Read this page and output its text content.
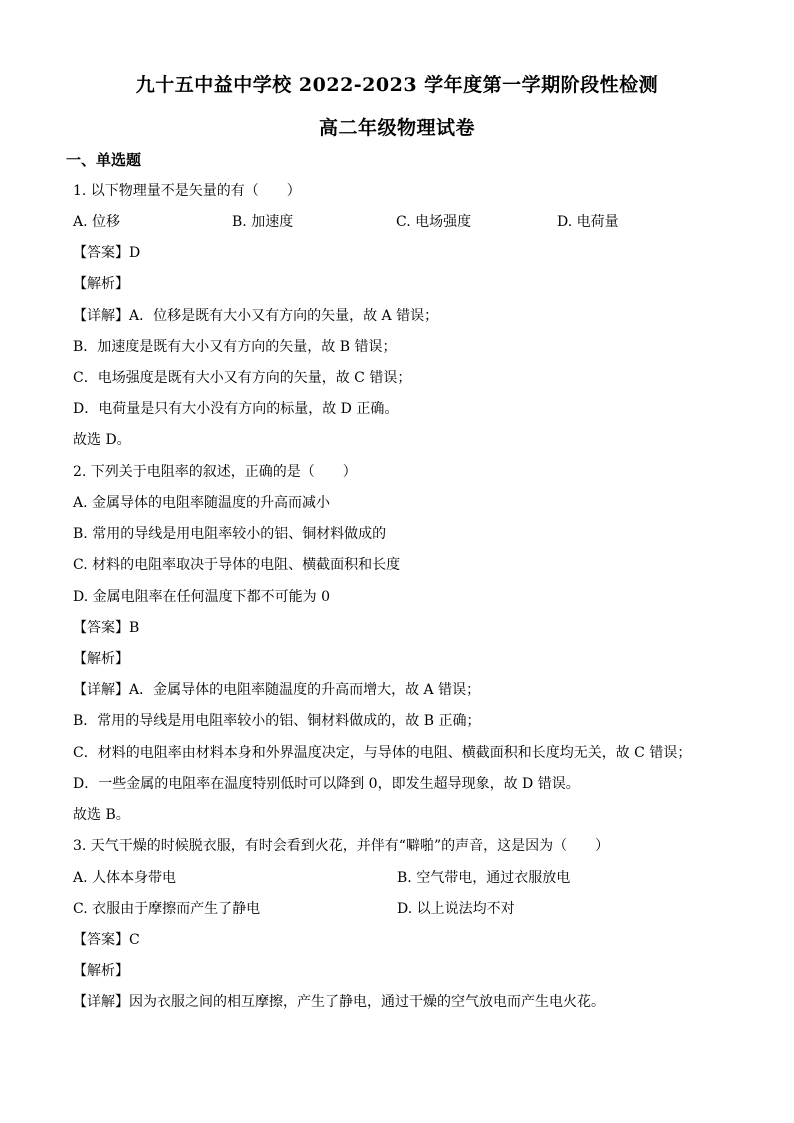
九十五中益中学校 2022-2023 学年度第一学期阶段性检测
高二年级物理试卷
一、单选题
1. 以下物理量不是矢量的有（　　）
A. 位移	B. 加速度	C. 电场强度	D. 电荷量
【答案】D
【解析】
【详解】A．位移是既有大小又有方向的矢量，故 A 错误；
B．加速度是既有大小又有方向的矢量，故 B 错误；
C．电场强度是既有大小又有方向的矢量，故 C 错误；
D．电荷量是只有大小没有方向的标量，故 D 正确。
故选 D。
2. 下列关于电阻率的叙述，正确的是（　　）
A. 金属导体的电阻率随温度的升高而减小
B. 常用的导线是用电阻率较小的铝、铜材料做成的
C. 材料的电阻率取决于导体的电阻、横截面积和长度
D. 金属电阻率在任何温度下都不可能为 0
【答案】B
【解析】
【详解】A．金属导体的电阻率随温度的升高而增大，故 A 错误；
B．常用的导线是用电阻率较小的铝、铜材料做成的，故 B 正确；
C．材料的电阻率由材料本身和外界温度决定，与导体的电阻、横截面积和长度均无关，故 C 错误；
D．一些金属的电阻率在温度特别低时可以降到 0，即发生超导现象，故 D 错误。
故选 B。
3. 天气干燥的时候脱衣服，有时会看到火花，并伴有“噼啪”的声音，这是因为（　　）
A. 人体本身带电	B. 空气带电，通过衣服放电
C. 衣服由于摩擦而产生了静电	D. 以上说法均不对
【答案】C
【解析】
【详解】因为衣服之间的相互摩擦，产生了静电，通过干燥的空气放电而产生电火花。
